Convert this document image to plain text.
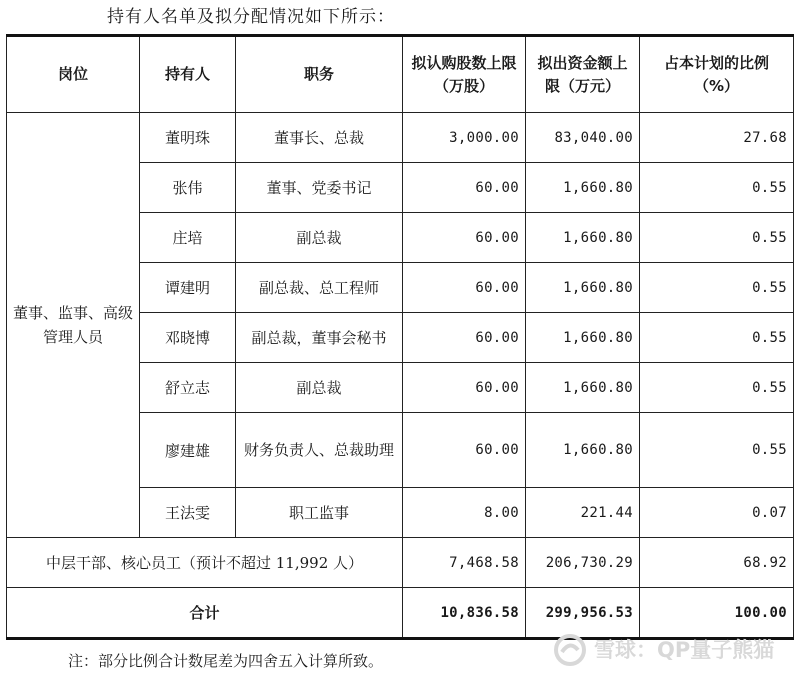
持有人名单及拟分配情况如下所示：
岗位	持有人	职务	拟认购股数上限（万股）	拟出资金额上限（万元）	占本计划的比例（%）
董事、监事、高级管理人员	董明珠	董事长、总裁	3,000.00	83,040.00	27.68
	张伟	董事、党委书记	60.00	1,660.80	0.55
	庄培	副总裁	60.00	1,660.80	0.55
	谭建明	副总裁、总工程师	60.00	1,660.80	0.55
	邓晓博	副总裁，董事会秘书	60.00	1,660.80	0.55
	舒立志	副总裁	60.00	1,660.80	0.55
	廖建雄	财务负责人、总裁助理	60.00	1,660.80	0.55
	王法雯	职工监事	8.00	221.44	0.07
中层干部、核心员工（预计不超过 11,992 人）			7,468.58	206,730.29	68.92
合计			10,836.58	299,956.53	100.00
注：部分比例合计数尾差为四舍五入计算所致。	雪球：QP量子熊猫
